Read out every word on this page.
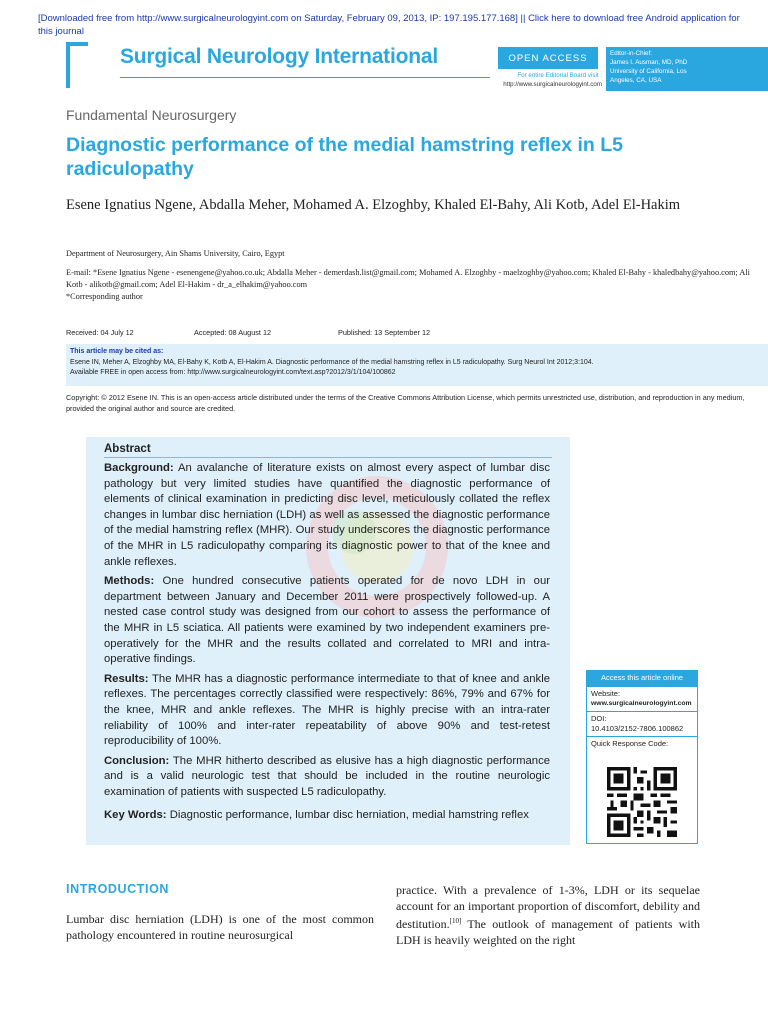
[Downloaded free from http://www.surgicalneurologyint.com on Saturday, February 09, 2013, IP: 197.195.177.168] || Click here to download free Android application for
this journal
Surgical Neurology International	OPEN ACCESS
For entire Editorial Board visit :
http://www.surgicalneurologyint.com
Editor-in-Chief:
James I. Ausman, MD, PhD
University of California, Los
Angeles, CA, USA
Fundamental Neurosurgery
Diagnostic performance of the medial hamstring reflex in L5 radiculopathy
Esene Ignatius Ngene, Abdalla Meher, Mohamed A. Elzoghby, Khaled El-Bahy, Ali Kotb, Adel El-Hakim
Department of Neurosurgery, Ain Shams University, Cairo, Egypt
E-mail: *Esene Ignatius Ngene - esenengene@yahoo.co.uk; Abdalla Meher - demerdash.list@gmail.com; Mohamed A. Elzoghby - maelzoghby@yahoo.com; Khaled El-Bahy - khaledbahy@yahoo.com; Ali Kotb - alikotb@gmail.com; Adel El-Hakim - dr_a_elhakim@yahoo.com
*Corresponding author
Received: 04 July 12	Accepted: 08 August 12	Published: 13 September 12
This article may be cited as:
Esene IN, Meher A, Elzoghby MA, El-Bahy K, Kotb A, El-Hakim A. Diagnostic performance of the medial hamstring reflex in L5 radiculopathy. Surg Neurol Int 2012;3:104.
Available FREE in open access from: http://www.surgicalneurologyint.com/text.asp?2012/3/1/104/100862
Copyright: © 2012 Esene IN. This is an open-access article distributed under the terms of the Creative Commons Attribution License, which permits unrestricted use, distribution, and reproduction in any medium, provided the original author and source are credited.
Abstract

Background: An avalanche of literature exists on almost every aspect of lumbar disc pathology but very limited studies have quantified the diagnostic performance of elements of clinical examination in predicting disc level, meticulously collated the reflex changes in lumbar disc herniation (LDH) as well as assessed the diagnostic performance of the medial hamstring reflex (MHR). Our study underscores the diagnostic performance of the MHR in L5 radiculopathy comparing its diagnostic power to that of the knee and ankle reflexes.

Methods: One hundred consecutive patients operated for de novo LDH in our department between January and December 2011 were prospectively followed-up. A nested case control study was designed from our cohort to assess the performance of the MHR in L5 sciatica. All patients were examined by two independent examiners pre-operatively for the MHR and the results collated and correlated to MRI and intra-operative findings.

Results: The MHR has a diagnostic performance intermediate to that of knee and ankle reflexes. The percentages correctly classified were respectively: 86%, 79% and 67% for the knee, MHR and ankle reflexes. The MHR is highly precise with an intra-rater reliability of 100% and inter-rater repeatability of above 90% and test-retest reproducibility of 100%.

Conclusion: The MHR hitherto described as elusive has a high diagnostic performance and is a valid neurologic test that should be included in the routine neurologic examination of patients with suspected L5 radiculopathy.

Key Words: Diagnostic performance, lumbar disc herniation, medial hamstring reflex
Access this article online
Website:
www.surgicalneurologyint.com
DOI:
10.4103/2152-7806.100862
Quick Response Code:
INTRODUCTION
Lumbar disc herniation (LDH) is one of the most common pathology encountered in routine neurosurgical
practice. With a prevalence of 1-3%, LDH or its sequelae account for an important proportion of discomfort, debility and destitution.[10] The outlook of management of patients with LDH is heavily weighted on the right
